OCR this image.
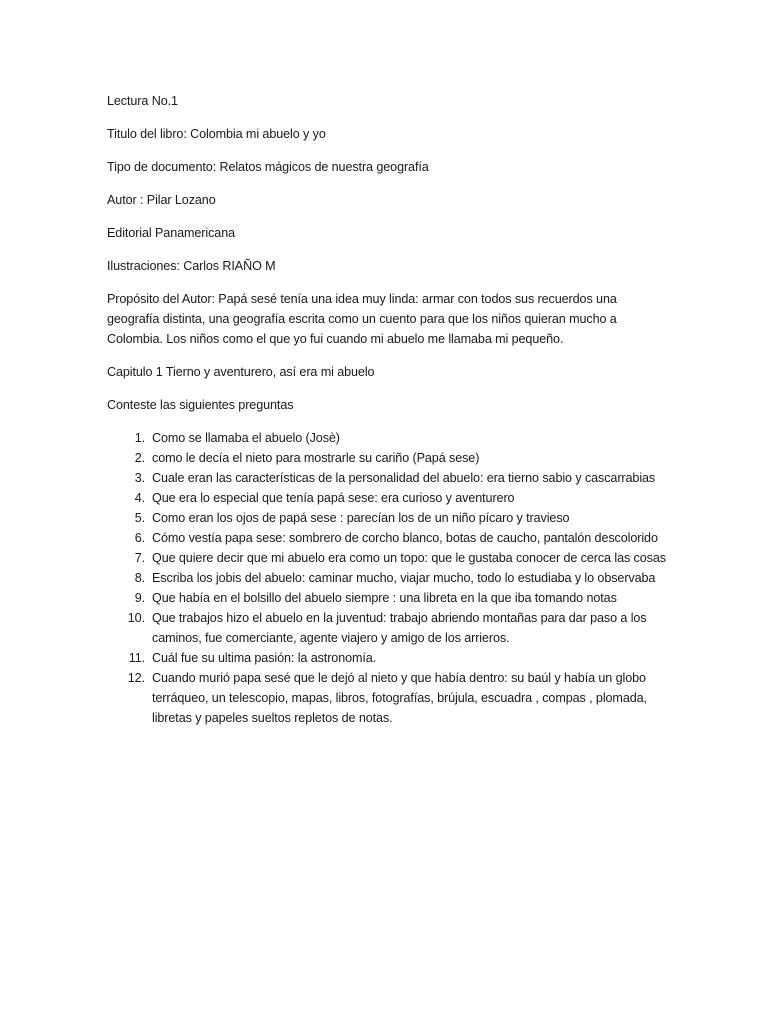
Lectura No.1

Titulo del libro: Colombia mi abuelo y yo

Tipo de documento: Relatos mágicos de nuestra geografía

Autor : Pilar Lozano

Editorial Panamericana

Ilustraciones: Carlos RIAÑO M

Propósito del Autor: Papá sesé tenía una idea muy linda: armar con todos sus recuerdos una geografía distinta, una geografía escrita como un cuento para que los niños quieran mucho a Colombia. Los niños como el que yo fui cuando mi abuelo me llamaba mi pequeño.

Capitulo 1 Tierno y aventurero, así era mi abuelo

Conteste las siguientes preguntas

1. Como se llamaba el abuelo (Josè)
2. como le decía el nieto para mostrarle su cariño (Papá sese)
3. Cuale eran las características de la personalidad del abuelo: era tierno sabio y cascarrabias
4. Que era lo especial que tenía papá sese: era curioso y aventurero
5. Como eran los ojos de papá sese : parecían los de un niño pícaro y travieso
6. Cómo vestía papa sese: sombrero de corcho blanco, botas de caucho, pantalón descolorido
7. Que quiere decir que mi abuelo era como un topo: que le gustaba conocer de cerca las cosas
8. Escriba los jobis del abuelo: caminar mucho, viajar mucho, todo lo estudiaba y lo observaba
9. Que había en el bolsillo del abuelo siempre : una libreta en la que iba tomando notas
10. Que trabajos hizo el abuelo en la juventud: trabajo abriendo montañas para dar paso a los caminos, fue comerciante, agente viajero y amigo de los arrieros.
11. Cuál fue su ultima pasión: la astronomía.
12. Cuando murió papa sesé que le dejó al nieto y que había dentro: su baúl y había un globo terráqueo, un telescopio, mapas, libros, fotografías, brújula, escuadra , compas , plomada, libretas y papeles sueltos repletos de notas.
